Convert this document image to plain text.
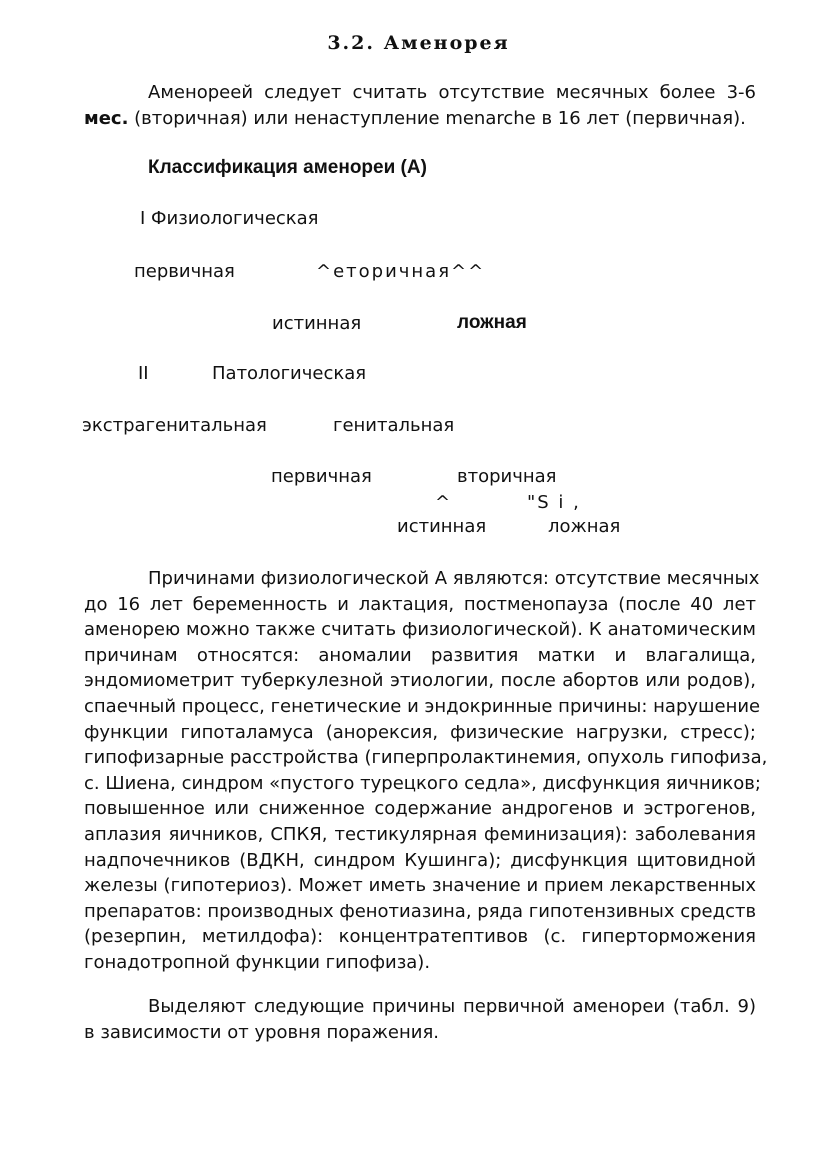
3.2. Аменорея
Аменореей следует считать отсутствие месячных более 3-6
мес. (вторичная) или ненаступление menarche в 16 лет (первичная).
Классификация аменореи (А)
I Физиологическая
первичная	^еторичная^^
истинная	ложная
II	Патологическая
экстрагенитальная	генитальная
первичная	вторичная
^	"S i ,
истинная	ложная
Причинами физиологической А являются: отсутствие месячных
до 16 лет беременность и лактация, постменопауза (после 40 лет
аменорею можно также считать физиологической). К анатомическим
причинам относятся: аномалии развития матки и влагалища,
эндомиометрит туберкулезной этиологии, после абортов или родов),
спаечный процесс, генетические и эндокринные причины: нарушение
функции гипоталамуса (анорексия, физические нагрузки, стресс);
гипофизарные расстройства (гиперпролактинемия, опухоль гипофиза,
с. Шиена, синдром «пустого турецкого седла», дисфункция яичников;
повышенное или сниженное содержание андрогенов и эстрогенов,
аплазия яичников, СПКЯ, тестикулярная феминизация): заболевания
надпочечников (ВДКН, синдром Кушинга); дисфункция щитовидной
железы (гипотериоз). Может иметь значение и прием лекарственных
препаратов: производных фенотиазина, ряда гипотензивных средств
(резерпин, метилдофа): концентратептивов (с. гиперторможения
гонадотропной функции гипофиза).
Выделяют следующие причины первичной аменореи (табл. 9)
в зависимости от уровня поражения.
